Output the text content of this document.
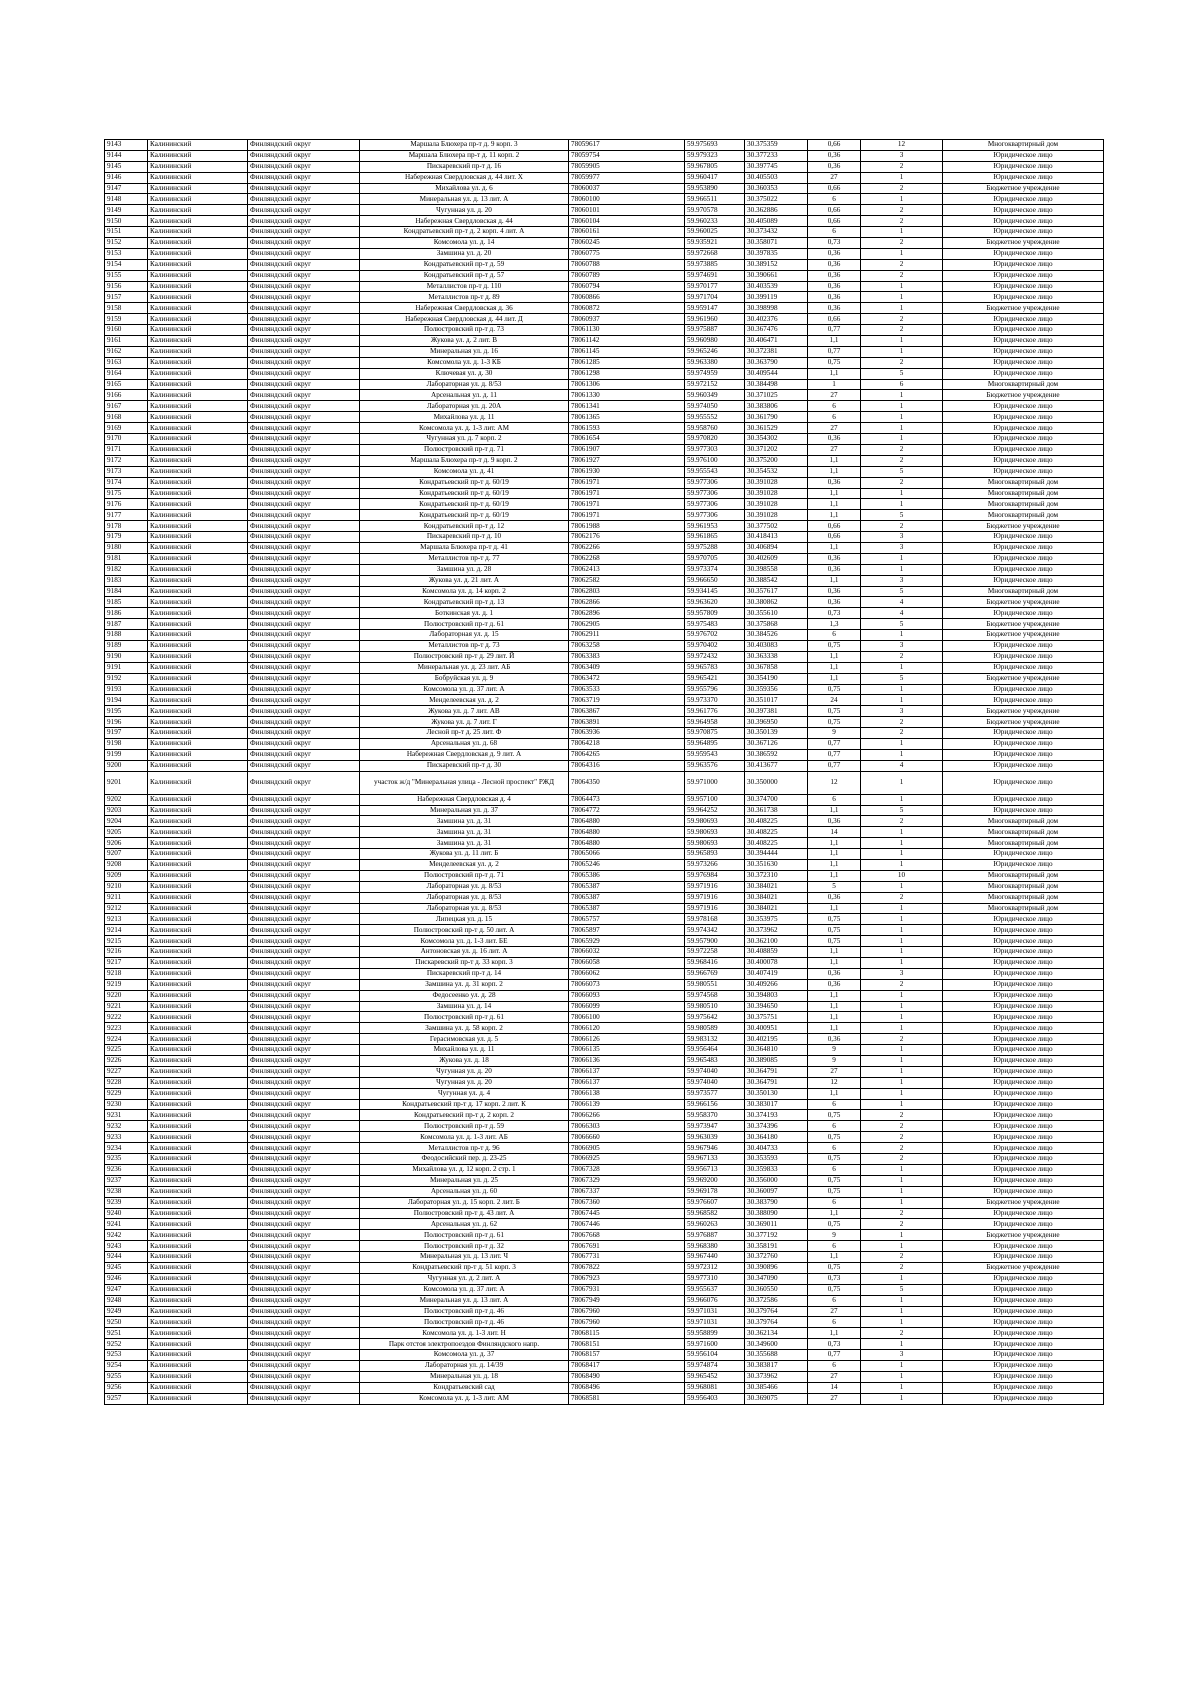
9143	Калининский	Финляндский округ	Маршала Блюхера пр-т д. 9 корп. 3	78059617	59.975693	30.375359	0,66	12	Многоквартирный дом
9144	Калининский	Финляндский округ	Маршала Блюхера пр-т д. 11 корп. 2	78059754	59.979323	30.377233	0,36	3	Юридическое лицо
9145	Калининский	Финляндский округ	Пискаревский пр-т д. 16	78059905	59.967805	30.397745	0,36	2	Юридическое лицо
9146	Калининский	Финляндский округ	Набережная Свердловская д. 44 лит. Х	78059977	59.960417	30.405503	27	1	Юридическое лицо
9147	Калининский	Финляндский округ	Михайлова ул. д. 6	78060037	59.953890	30.360353	0,66	2	Бюджетное учреждение
9148	Калининский	Финляндский округ	Минеральная ул. д. 13 лит. А	78060100	59.966511	30.375022	6	1	Юридическое лицо
9149	Калининский	Финляндский округ	Чугунная ул. д. 20	78060101	59.970578	30.362886	0,66	2	Юридическое лицо
9150	Калининский	Финляндский округ	Набережная Свердловская д. 44	78060104	59.960233	30.405089	0,66	2	Юридическое лицо
9151	Калининский	Финляндский округ	Кондратьевский пр-т д. 2 корп. 4 лит. А	78060161	59.960025	30.373432	6	1	Юридическое лицо
9152	Калининский	Финляндский округ	Комсомола ул. д. 14	78060245	59.935921	30.358071	0,73	2	Бюджетное учреждение
9153	Калининский	Финляндский округ	Замшина ул. д. 20	78060775	59.972668	30.397835	0,36	1	Юридическое лицо
9154	Калининский	Финляндский округ	Кондратьевский пр-т д. 59	78060788	59.973885	30.389152	0,36	2	Юридическое лицо
9155	Калининский	Финляндский округ	Кондратьевский пр-т д. 57	78060789	59.974691	30.390661	0,36	2	Юридическое лицо
9156	Калининский	Финляндский округ	Металлистов пр-т д. 110	78060794	59.970177	30.403539	0,36	1	Юридическое лицо
9157	Калининский	Финляндский округ	Металлистов пр-т д. 89	78060866	59.971704	30.399119	0,36	1	Юридическое лицо
9158	Калининский	Финляндский округ	Набережная Свердловская д. 36	78060872	59.959147	30.398998	0,36	1	Бюджетное учреждение
9159	Калининский	Финляндский округ	Набережная Свердловская д. 44 лит. Д	78060937	59.961960	30.402376	0,66	2	Юридическое лицо
9160	Калининский	Финляндский округ	Полюстровский пр-т д. 73	78061130	59.975887	30.367476	0,77	2	Юридическое лицо
9161	Калининский	Финляндский округ	Жукова ул. д. 2 лит. В	78061142	59.960980	30.406471	1,1	1	Юридическое лицо
9162	Калининский	Финляндский округ	Минеральная ул. д. 16	78061145	59.965246	30.372381	0,77	1	Юридическое лицо
9163	Калининский	Финляндский округ	Комсомола ул. д. 1-3 КБ	78061285	59.963380	30.363790	0,75	2	Юридическое лицо
9164	Калининский	Финляндский округ	Ключевая ул. д. 30	78061298	59.974959	30.409544	1,1	5	Юридическое лицо
9165	Калининский	Финляндский округ	Лабораторная ул. д. 8/53	78061306	59.972152	30.384498	1	6	Многоквартирный дом
9166	Калининский	Финляндский округ	Арсенальная ул. д. 11	78061330	59.960349	30.371025	27	1	Бюджетное учреждение
9167	Калининский	Финляндский округ	Лабораторная ул. д. 20А	78061341	59.974050	30.383806	6	1	Юридическое лицо
9168	Калининский	Финляндский округ	Михайлова ул. д. 11	78061365	59.955552	30.361790	6	1	Юридическое лицо
9169	Калининский	Финляндский округ	Комсомола ул. д. 1-3 лит. АМ	78061593	59.958760	30.361529	27	1	Юридическое лицо
9170	Калининский	Финляндский округ	Чугунная ул. д. 7 корп. 2	78061654	59.970820	30.354302	0,36	1	Юридическое лицо
9171	Калининский	Финляндский округ	Полюстровский пр-т д. 71	78061907	59.977303	30.371202	27	2	Юридическое лицо
9172	Калининский	Финляндский округ	Маршала Блюхера пр-т д. 9 корп. 2	78061927	59.976100	30.375200	1,1	2	Юридическое лицо
9173	Калининский	Финляндский округ	Комсомола ул. д. 41	78061930	59.955543	30.354532	1,1	5	Юридическое лицо
9174	Калининский	Финляндский округ	Кондратьевский пр-т д. 60/19	78061971	59.977306	30.391028	0,36	2	Многоквартирный дом
9175	Калининский	Финляндский округ	Кондратьевский пр-т д. 60/19	78061971	59.977306	30.391028	1,1	1	Многоквартирный дом
9176	Калининский	Финляндский округ	Кондратьевский пр-т д. 60/19	78061971	59.977306	30.391028	1,1	1	Многоквартирный дом
9177	Калининский	Финляндский округ	Кондратьевский пр-т д. 60/19	78061971	59.977306	30.391028	1,1	5	Многоквартирный дом
9178	Калининский	Финляндский округ	Кондратьевский пр-т д. 12	78061988	59.961953	30.377502	0,66	2	Бюджетное учреждение
9179	Калининский	Финляндский округ	Пискаревский пр-т д. 10	78062176	59.961865	30.418413	0,66	3	Юридическое лицо
9180	Калининский	Финляндский округ	Маршала Блюхера пр-т д. 41	78062266	59.975288	30.406894	1,1	3	Юридическое лицо
9181	Калининский	Финляндский округ	Металлистов пр-т д. 77	78062268	59.970705	30.402609	0,36	1	Юридическое лицо
9182	Калининский	Финляндский округ	Замшина ул. д. 28	78062413	59.973374	30.398558	0,36	1	Юридическое лицо
9183	Калининский	Финляндский округ	Жукова ул. д. 21 лит. А	78062582	59.966650	30.388542	1,1	3	Юридическое лицо
9184	Калининский	Финляндский округ	Комсомола ул. д. 14 корп. 2	78062803	59.934145	30.357617	0,36	5	Многоквартирный дом
9185	Калининский	Финляндский округ	Кондратьевский пр-т д. 13	78062866	59.963620	30.380862	0,36	4	Бюджетное учреждение
9186	Калининский	Финляндский округ	Боткинская ул. д. 1	78062896	59.957809	30.355610	0,73	4	Юридическое лицо
9187	Калининский	Финляндский округ	Полюстровский пр-т д. 61	78062905	59.975483	30.375868	1,3	5	Бюджетное учреждение
9188	Калининский	Финляндский округ	Лабораторная ул. д. 15	78062911	59.976702	30.384526	6	1	Бюджетное учреждение
9189	Калининский	Финляндский округ	Металлистов пр-т д. 73	78063258	59.970402	30.403083	0,75	3	Юридическое лицо
9190	Калининский	Финляндский округ	Полюстровский пр-т д. 29 лит. Й	78063383	59.972432	30.363338	1,1	2	Юридическое лицо
9191	Калининский	Финляндский округ	Минеральная ул. д. 23 лит. АБ	78063409	59.965783	30.367858	1,1	1	Юридическое лицо
9192	Калининский	Финляндский округ	Бобруйская ул. д. 9	78063472	59.965421	30.354190	1,1	5	Бюджетное учреждение
9193	Калининский	Финляндский округ	Комсомола ул. д. 37 лит. А	78063533	59.955796	30.359356	0,75	1	Юридическое лицо
9194	Калининский	Финляндский округ	Менделеевская ул. д. 2	78063719	59.973370	30.351017	24	1	Юридическое лицо
9195	Калининский	Финляндский округ	Жукова ул. д. 7 лит. АВ	78063867	59.961776	30.397381	0,75	3	Бюджетное учреждение
9196	Калининский	Финляндский округ	Жукова ул. д. 7 лит. Г	78063891	59.964958	30.396950	0,75	2	Бюджетное учреждение
9197	Калининский	Финляндский округ	Лесной пр-т д. 25 лит. Ф	78063936	59.970875	30.350139	9	2	Юридическое лицо
9198	Калининский	Финляндский округ	Арсенальная ул. д. 68	78064218	59.964895	30.367126	0,77	1	Юридическое лицо
9199	Калининский	Финляндский округ	Набережная Свердловская д. 9 лит. А	78064265	59.959543	30.386592	0,77	1	Юридическое лицо
9200	Калининский	Финляндский округ	Пискаревский пр-т д. 30	78064316	59.963576	30.413677	0,77	4	Юридическое лицо
9201	Калининский	Финляндский округ	участок ж/д "Минеральная улица - Лесной проспект" РЖД	78064350	59.971000	30.350000	12	1	Юридическое лицо
9202	Калининский	Финляндский округ	Набережная Свердловская д. 4	78064473	59.957100	30.374700	6	1	Юридическое лицо
9203	Калининский	Финляндский округ	Минеральная ул. д. 37	78064772	59.964252	30.361738	1,1	5	Юридическое лицо
9204	Калининский	Финляндский округ	Замшина ул. д. 31	78064880	59.980693	30.408225	0,36	2	Многоквартирный дом
9205	Калининский	Финляндский округ	Замшина ул. д. 31	78064880	59.980693	30.408225	14	1	Многоквартирный дом
9206	Калининский	Финляндский округ	Замшина ул. д. 31	78064880	59.980693	30.408225	1,1	1	Многоквартирный дом
9207	Калининский	Финляндский округ	Жукова ул. д. 11 лит. Б	78065066	59.965893	30.394444	1,1	1	Юридическое лицо
9208	Калининский	Финляндский округ	Менделеевская ул. д. 2	78065246	59.973266	30.351630	1,1	1	Юридическое лицо
9209	Калининский	Финляндский округ	Полюстровский пр-т д. 71	78065386	59.976984	30.372310	1,1	10	Многоквартирный дом
9210	Калининский	Финляндский округ	Лабораторная ул. д. 8/53	78065387	59.971916	30.384021	5	1	Многоквартирный дом
9211	Калининский	Финляндский округ	Лабораторная ул. д. 8/53	78065387	59.971916	30.384021	0,36	2	Многоквартирный дом
9212	Калининский	Финляндский округ	Лабораторная ул. д. 8/53	78065387	59.971916	30.384021	1,1	1	Многоквартирный дом
9213	Калининский	Финляндский округ	Липецкая ул. д. 15	78065757	59.978168	30.353975	0,75	1	Юридическое лицо
9214	Калининский	Финляндский округ	Полюстровский пр-т д. 50 лит. А	78065897	59.974342	30.373962	0,75	1	Юридическое лицо
9215	Калининский	Финляндский округ	Комсомола ул. д. 1-3 лит. БЕ	78065929	59.957900	30.362100	0,75	1	Юридическое лицо
9216	Калининский	Финляндский округ	Антоновская ул. д. 16 лит. А	78066032	59.972258	30.408859	1,1	1	Юридическое лицо
9217	Калининский	Финляндский округ	Пискаревский пр-т д. 33 корп. 3	78066058	59.968416	30.400078	1,1	1	Юридическое лицо
9218	Калининский	Финляндский округ	Пискаревский пр-т д. 14	78066062	59.966769	30.407419	0,36	3	Юридическое лицо
9219	Калининский	Финляндский округ	Замшина ул. д. 31 корп. 2	78066073	59.980551	30.409266	0,36	2	Юридическое лицо
9220	Калининский	Финляндский округ	Федосеенко ул. д. 28	78066093	59.974568	30.394803	1,1	1	Юридическое лицо
9221	Калининский	Финляндский округ	Замшина ул. д. 14	78066099	59.980510	30.394650	1,1	1	Юридическое лицо
9222	Калининский	Финляндский округ	Полюстровский пр-т д. 61	78066100	59.975642	30.375751	1,1	1	Юридическое лицо
9223	Калининский	Финляндский округ	Замшина ул. д. 58 корп. 2	78066120	59.980589	30.400951	1,1	1	Юридическое лицо
9224	Калининский	Финляндский округ	Герасимовская ул. д. 5	78066126	59.983132	30.402195	0,36	2	Юридическое лицо
9225	Калининский	Финляндский округ	Михайлова ул. д. 11	78066135	59.956464	30.364810	9	1	Юридическое лицо
9226	Калининский	Финляндский округ	Жукова ул. д. 18	78066136	59.965483	30.389085	9	1	Юридическое лицо
9227	Калининский	Финляндский округ	Чугунная ул. д. 20	78066137	59.974040	30.364791	27	1	Юридическое лицо
9228	Калининский	Финляндский округ	Чугунная ул. д. 20	78066137	59.974040	30.364791	12	1	Юридическое лицо
9229	Калининский	Финляндский округ	Чугунная ул. д. 4	78066138	59.973577	30.350130	1,1	1	Юридическое лицо
9230	Калининский	Финляндский округ	Кондратьевский пр-т д. 17 корп. 2 лит. К	78066139	59.966156	30.383017	6	1	Юридическое лицо
9231	Калининский	Финляндский округ	Кондратьевский пр-т д. 2 корп. 2	78066266	59.958370	30.374193	0,75	2	Юридическое лицо
9232	Калининский	Финляндский округ	Полюстровский пр-т д. 59	78066303	59.973947	30.374396	6	2	Юридическое лицо
9233	Калининский	Финляндский округ	Комсомола ул. д. 1-3 лит. АБ	78066660	59.963039	30.364180	0,75	2	Юридическое лицо
9234	Калининский	Финляндский округ	Металлистов пр-т д. 96	78066905	59.967946	30.404733	6	2	Юридическое лицо
9235	Калининский	Финляндский округ	Феодосийский пер. д. 23-25	78066925	59.967133	30.353593	0,75	2	Юридическое лицо
9236	Калининский	Финляндский округ	Михайлова ул. д. 12 корп. 2 стр. 1	78067328	59.956713	30.359833	6	1	Юридическое лицо
9237	Калининский	Финляндский округ	Минеральная ул. д. 25	78067329	59.969200	30.356000	0,75	1	Юридическое лицо
9238	Калининский	Финляндский округ	Арсенальная ул. д. 60	78067337	59.969178	30.360097	0,75	1	Юридическое лицо
9239	Калининский	Финляндский округ	Лабораторная ул. д. 15 корп. 2 лит. Б	78067360	59.976607	30.383790	6	1	Бюджетное учреждение
9240	Калининский	Финляндский округ	Полюстровский пр-т д. 43 лит. А	78067445	59.968582	30.388090	1,1	2	Юридическое лицо
9241	Калининский	Финляндский округ	Арсенальная ул. д. 62	78067446	59.960263	30.369011	0,75	2	Юридическое лицо
9242	Калининский	Финляндский округ	Полюстровский пр-т д. 61	78067668	59.976887	30.377192	9	1	Бюджетное учреждение
9243	Калининский	Финляндский округ	Полюстровский пр-т д. 32	78067691	59.968380	30.358191	6	1	Юридическое лицо
9244	Калининский	Финляндский округ	Минеральная ул. д. 13 лит. Ч	78067731	59.967440	30.372760	1,1	2	Юридическое лицо
9245	Калининский	Финляндский округ	Кондратьевский пр-т д. 51 корп. 3	78067822	59.972312	30.390896	0,75	2	Бюджетное учреждение
9246	Калининский	Финляндский округ	Чугунная ул. д. 2 лит. А	78067923	59.977310	30.347090	0,73	1	Юридическое лицо
9247	Калининский	Финляндский округ	Комсомола ул. д. 37 лит. А	78067931	59.955637	30.360550	0,75	5	Юридическое лицо
9248	Калининский	Финляндский округ	Минеральная ул. д. 13 лит. А	78067949	59.966076	30.372586	6	1	Юридическое лицо
9249	Калининский	Финляндский округ	Полюстровский пр-т д. 46	78067960	59.971031	30.379764	27	1	Юридическое лицо
9250	Калининский	Финляндский округ	Полюстровский пр-т д. 46	78067960	59.971031	30.379764	6	1	Юридическое лицо
9251	Калининский	Финляндский округ	Комсомола ул. д. 1-3 лит. Н	78068115	59.958899	30.362134	1,1	2	Юридическое лицо
9252	Калининский	Финляндский округ	Парк отстоя электропоездов Финляндского напр.	78068151	59.971600	30.349600	0,73	1	Юридическое лицо
9253	Калининский	Финляндский округ	Комсомола ул. д. 37	78068157	59.956104	30.355688	0,77	3	Юридическое лицо
9254	Калининский	Финляндский округ	Лабораторная ул. д. 14/39	78068417	59.974874	30.383817	6	1	Юридическое лицо
9255	Калининский	Финляндский округ	Минеральная ул. д. 18	78068490	59.965452	30.373962	27	1	Юридическое лицо
9256	Калининский	Финляндский округ	Кондратьевский сад	78068496	59.968081	30.385466	14	1	Юридическое лицо
9257	Калининский	Финляндский округ	Комсомола ул. д. 1-3 лит. АМ	78068581	59.956403	30.369075	27	1	Юридическое лицо
